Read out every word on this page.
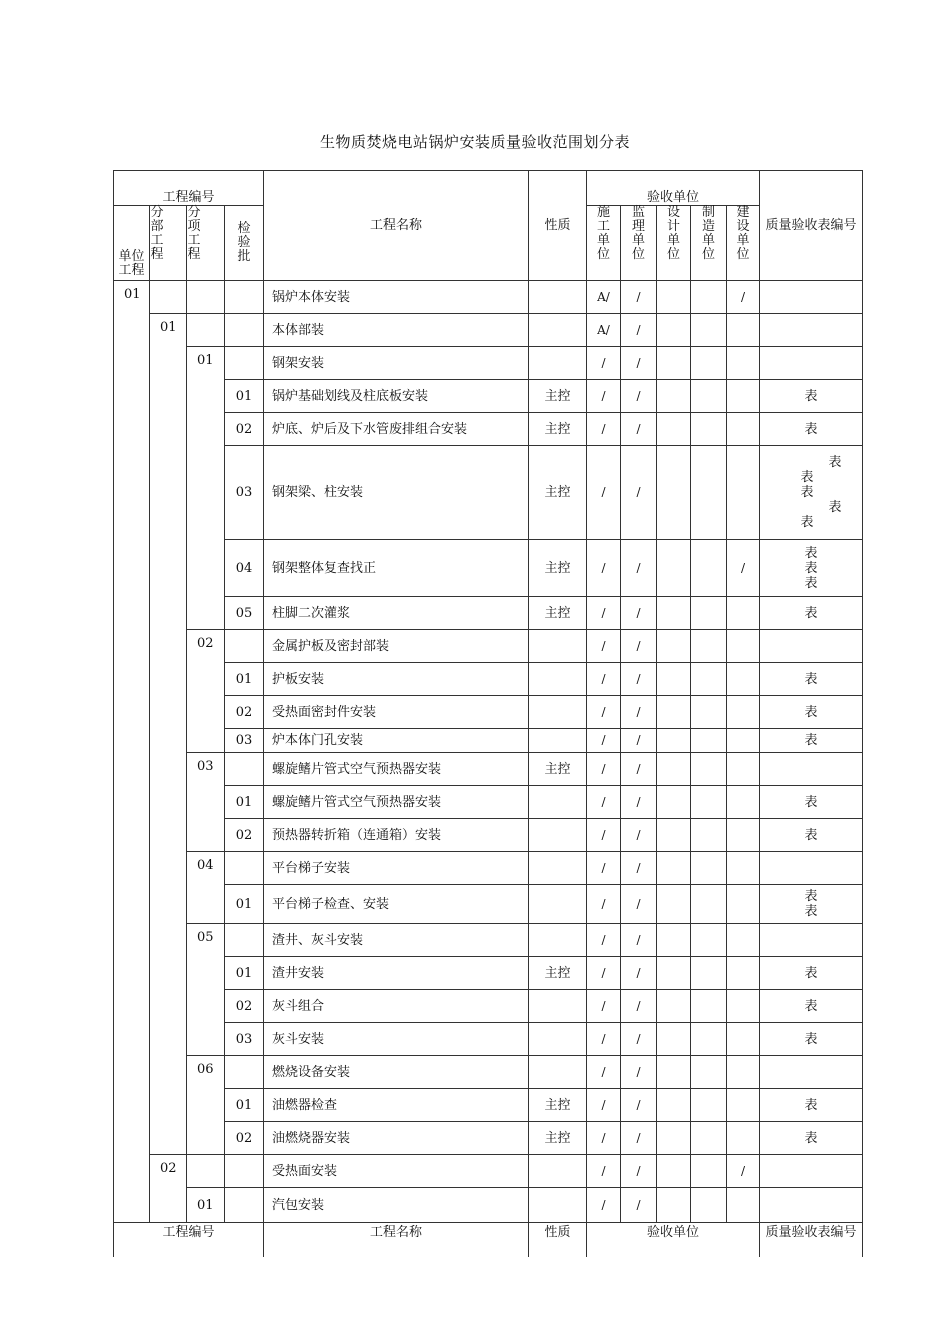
生物质焚烧电站锅炉安装质量验收范围划分表
工程编号				工程名称	性质	验收单位					质量验收表编号
单位工程	分部工程	分项工程	检验批			施工单位	监理单位	设计单位	制造单位	建设单位	
01				锅炉本体安装		A/	/			/	
	01			本体部装		A/	/				
		01		钢架安装		/	/				
			01	锅炉基础划线及柱底板安装	主控	/	/				表

			02	炉底、炉后及下水管废排组合安装	主控	/	/				表

			03	钢架梁、柱安装	主控	/	/				表
表
表
表
表

			04	钢架整体复查找正	主控	/	/			/	表
表
表

			05	柱脚二次灌浆	主控	/	/				表

		02		金属护板及密封部装		/	/				
			01	护板安装		/	/				表

			02	受热面密封件安装		/	/				表

			03	炉本体门孔安装		/	/				表

		03		螺旋鳍片管式空气预热器安装	主控	/	/				
			01	螺旋鳍片管式空气预热器安装		/	/				表

			02	预热器转折箱（连通箱）安装		/	/				表

		04		平台梯子安装		/	/				
			01	平台梯子检查、安装		/	/				表
表

		05		渣井、灰斗安装		/	/				
			01	渣井安装	主控	/	/				表

			02	灰斗组合		/	/				表

			03	灰斗安装		/	/				表

		06		燃烧设备安装		/	/				
			01	油燃器检查	主控	/	/				表

			02	油燃烧器安装	主控	/	/				表

	02			受热面安装		/	/			/	
		01		汽包安装		/	/				
工程编号				工程名称	性质	验收单位					质量验收表编号
